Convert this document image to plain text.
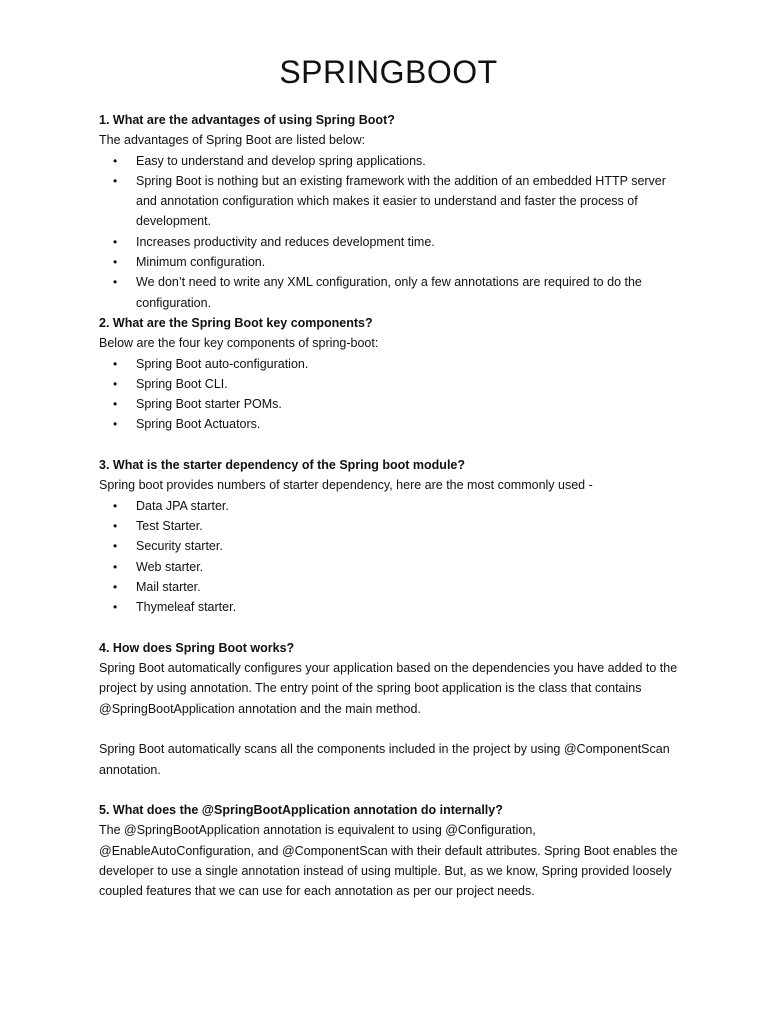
SPRINGBOOT

1. What are the advantages of using Spring Boot?

The advantages of Spring Boot are listed below:

• Easy to understand and develop spring applications.
• Spring Boot is nothing but an existing framework with the addition of an embedded HTTP server and annotation configuration which makes it easier to understand and faster the process of development.
• Increases productivity and reduces development time.
• Minimum configuration.
• We don’t need to write any XML configuration, only a few annotations are required to do the configuration.

2. What are the Spring Boot key components?

Below are the four key components of spring-boot:

• Spring Boot auto-configuration.
• Spring Boot CLI.
• Spring Boot starter POMs.
• Spring Boot Actuators.

3. What is the starter dependency of the Spring boot module?

Spring boot provides numbers of starter dependency, here are the most commonly used -

• Data JPA starter.
• Test Starter.
• Security starter.
• Web starter.
• Mail starter.
• Thymeleaf starter.

4. How does Spring Boot works?

Spring Boot automatically configures your application based on the dependencies you have added to the project by using annotation. The entry point of the spring boot application is the class that contains @SpringBootApplication annotation and the main method.

Spring Boot automatically scans all the components included in the project by using @ComponentScan annotation.

5. What does the @SpringBootApplication annotation do internally?

The @SpringBootApplication annotation is equivalent to using @Configuration, @EnableAutoConfiguration, and @ComponentScan with their default attributes. Spring Boot enables the developer to use a single annotation instead of using multiple. But, as we know, Spring provided loosely coupled features that we can use for each annotation as per our project needs.
